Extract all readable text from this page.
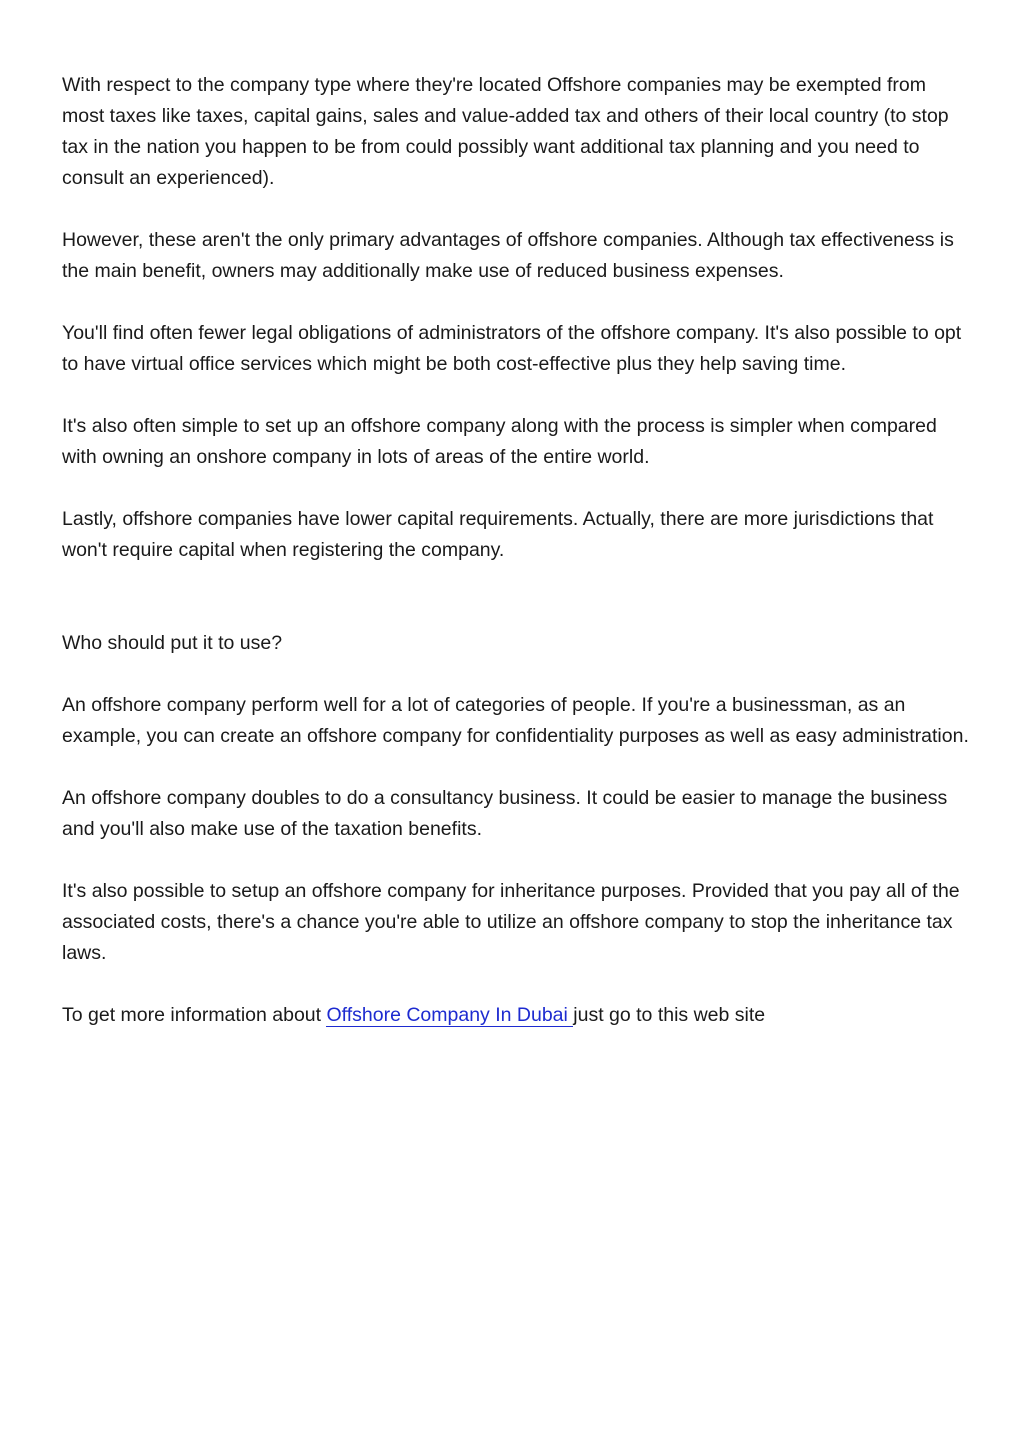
With respect to the company type where they're located Offshore companies may be exempted from most taxes like taxes, capital gains, sales and value-added tax and others of their local country (to stop tax in the nation you happen to be from could possibly want additional tax planning and you need to consult an experienced).

However, these aren't the only primary advantages of offshore companies. Although tax effectiveness is the main benefit, owners may additionally make use of reduced business expenses.

You'll find often fewer legal obligations of administrators of the offshore company. It's also possible to opt to have virtual office services which might be both cost-effective plus they help saving time.

It's also often simple to set up an offshore company along with the process is simpler when compared with owning an onshore company in lots of areas of the entire world.

Lastly, offshore companies have lower capital requirements. Actually, there are more jurisdictions that won't require capital when registering the company.

Who should put it to use?

An offshore company perform well for a lot of categories of people. If you're a businessman, as an example, you can create an offshore company for confidentiality purposes as well as easy administration.

An offshore company doubles to do a consultancy business. It could be easier to manage the business and you'll also make use of the taxation benefits.

It's also possible to setup an offshore company for inheritance purposes. Provided that you pay all of the associated costs, there's a chance you're able to utilize an offshore company to stop the inheritance tax laws.

To get more information about Offshore Company In Dubai just go to this web site
